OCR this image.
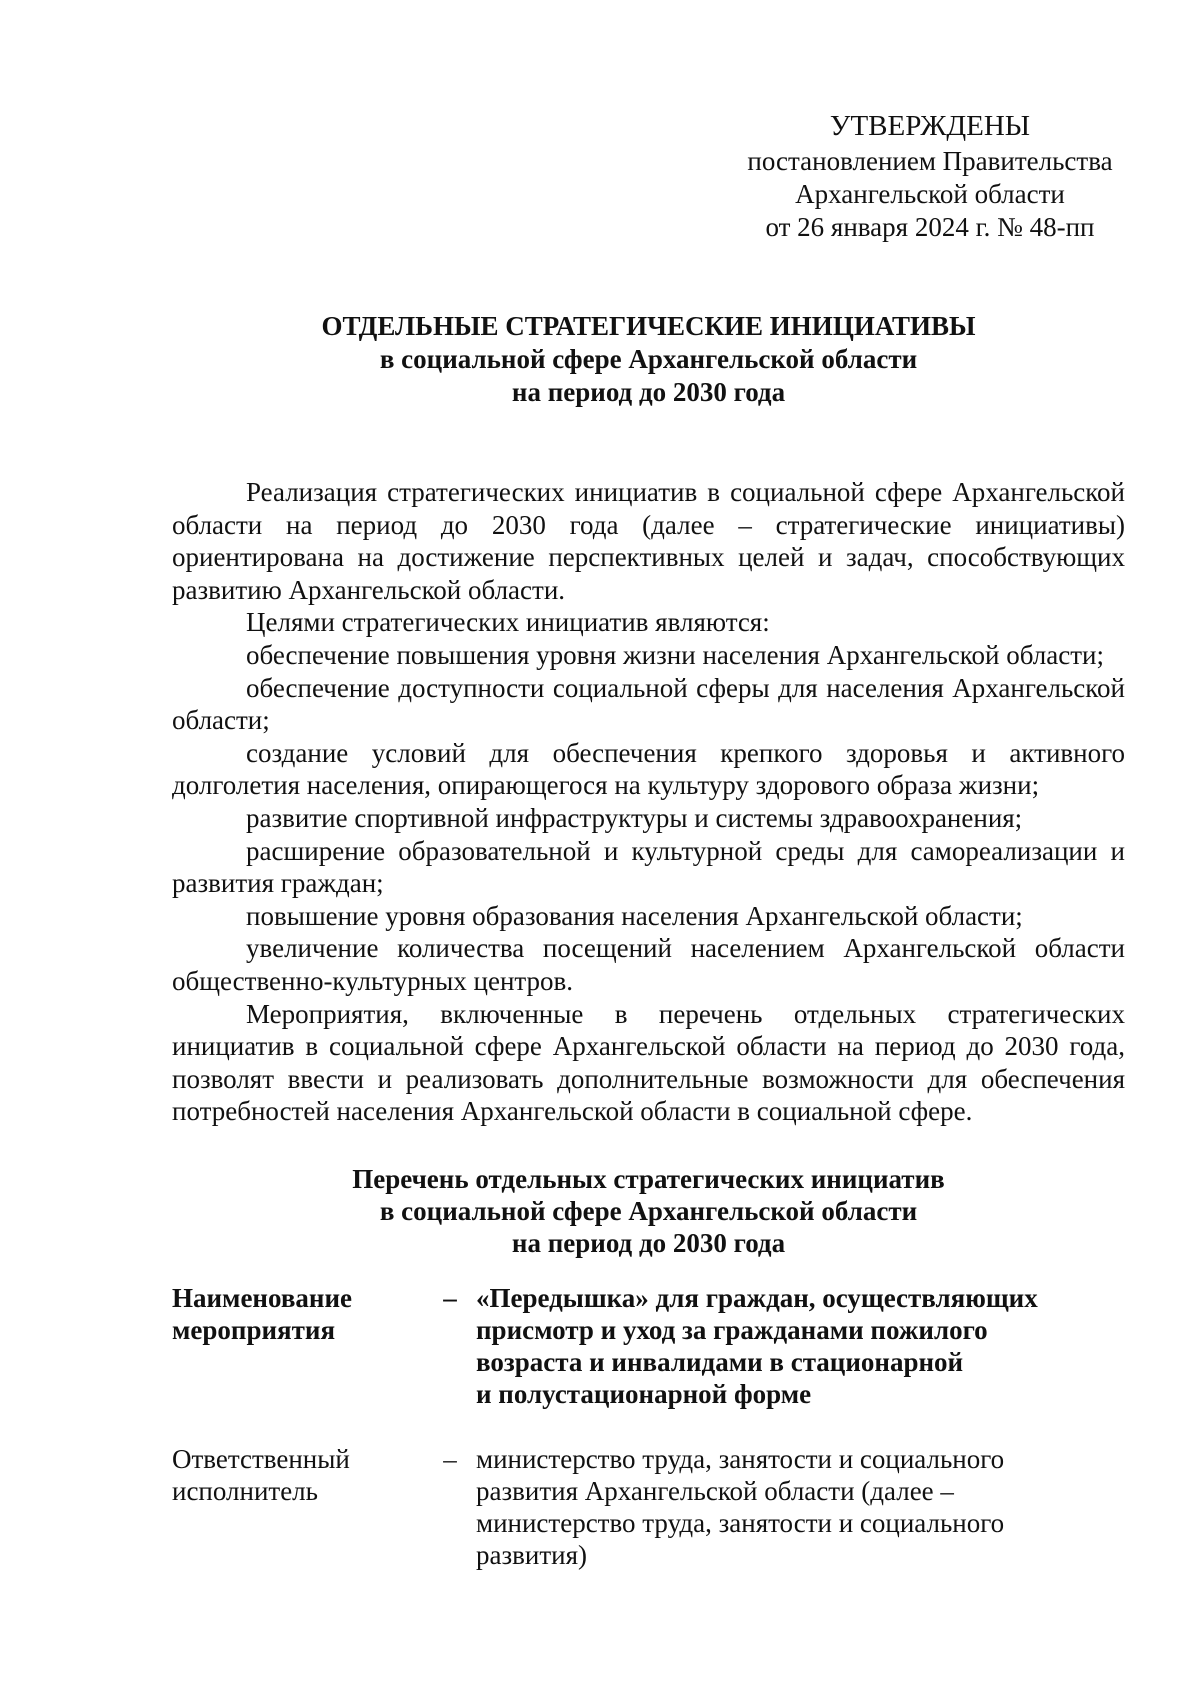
УТВЕРЖДЕНЫ
постановлением Правительства
Архангельской области
от 26 января 2024 г. № 48-пп
ОТДЕЛЬНЫЕ СТРАТЕГИЧЕСКИЕ ИНИЦИАТИВЫ
в социальной сфере Архангельской области
на период до 2030 года

Реализация стратегических инициатив в социальной сфере Архангельской области на период до 2030 года (далее – стратегические инициативы) ориентирована на достижение перспективных целей и задач, способствующих развитию Архангельской области.

Целями стратегических инициатив являются:

обеспечение повышения уровня жизни населения Архангельской области;

обеспечение доступности социальной сферы для населения Архангельской области;

создание условий для обеспечения крепкого здоровья и активного долголетия населения, опирающегося на культуру здорового образа жизни;

развитие спортивной инфраструктуры и системы здравоохранения;

расширение образовательной и культурной среды для самореализации и развития граждан;

повышение уровня образования населения Архангельской области;

увеличение количества посещений населением Архангельской области общественно-культурных центров.

Мероприятия, включенные в перечень отдельных стратегических инициатив в социальной сфере Архангельской области на период до 2030 года, позволят ввести и реализовать дополнительные возможности для обеспечения потребностей населения Архангельской области в социальной сфере.

Перечень отдельных стратегических инициатив
в социальной сфере Архангельской области
на период до 2030 года
Наименование
мероприятия
– «Передышка» для граждан, осуществляющих
присмотр и уход за гражданами пожилого
возраста и инвалидами в стационарной
и полустационарной форме
Ответственный
исполнитель
– министерство труда, занятости и социального
развития Архангельской области (далее –
министерство труда, занятости и социального
развития)
